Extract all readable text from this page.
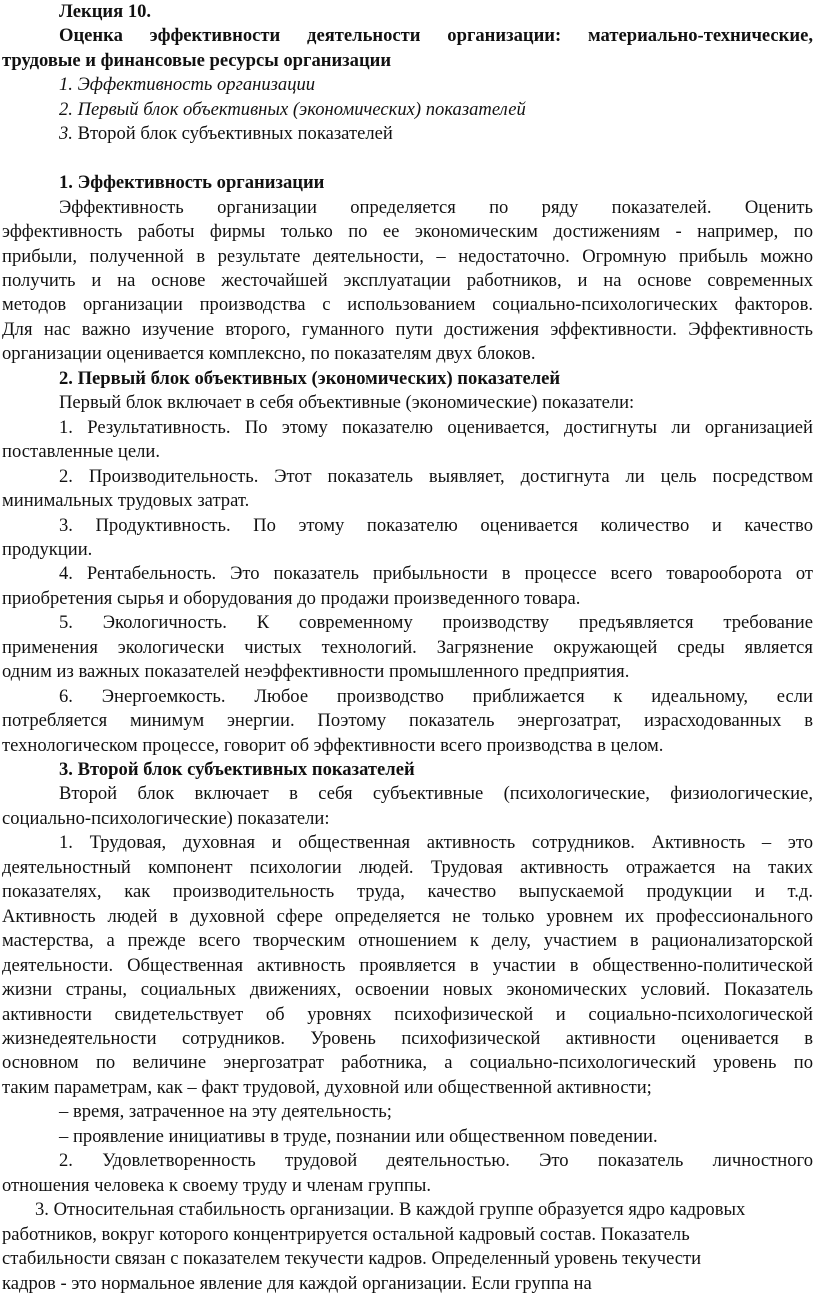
Лекция 10.

Оценка эффективности деятельности организации: материально-технические,

трудовые и финансовые ресурсы организации

1. Эффективность организации

2. Первый блок объективных (экономических) показателей

3. Второй блок субъективных показателей

1. Эффективность организации

Эффективность организации определяется по ряду показателей. Оценить

эффективность работы фирмы только по ее экономическим достижениям - например, по

прибыли, полученной в результате деятельности, – недостаточно. Огромную прибыль можно

получить и на основе жесточайшей эксплуатации работников, и на основе современных

методов организации производства с использованием социально-психологических факторов.

Для нас важно изучение второго, гуманного пути достижения эффективности. Эффективность

организации оценивается комплексно, по показателям двух блоков.

2. Первый блок объективных (экономических) показателей

Первый блок включает в себя объективные (экономические) показатели:

1. Результативность. По этому показателю оценивается, достигнуты ли организацией

поставленные цели.

2. Производительность. Этот показатель выявляет, достигнута ли цель посредством

минимальных трудовых затрат.

3. Продуктивность. По этому показателю оценивается количество и качество

продукции.

4. Рентабельность. Это показатель прибыльности в процессе всего товарооборота от

приобретения сырья и оборудования до продажи произведенного товара.

5. Экологичность. К современному производству предъявляется требование

применения экологически чистых технологий. Загрязнение окружающей среды является

одним из важных показателей неэффективности промышленного предприятия.

6. Энергоемкость. Любое производство приближается к идеальному, если

потребляется минимум энергии. Поэтому показатель энергозатрат, израсходованных в

технологическом процессе, говорит об эффективности всего производства в целом.

3. Второй блок субъективных показателей

Второй блок включает в себя субъективные (психологические, физиологические,

социально-психологические) показатели:

1. Трудовая, духовная и общественная активность сотрудников. Активность – это

деятельностный компонент психологии людей. Трудовая активность отражается на таких

показателях, как производительность труда, качество выпускаемой продукции и т.д.

Активность людей в духовной сфере определяется не только уровнем их профессионального

мастерства, а прежде всего творческим отношением к делу, участием в рационализаторской

деятельности. Общественная активность проявляется в участии в общественно-политической

жизни страны, социальных движениях, освоении новых экономических условий. Показатель

активности свидетельствует об уровнях психофизической и социально-психологической

жизнедеятельности сотрудников. Уровень психофизической активности оценивается в

основном по величине энергозатрат работника, а социально-психологический уровень по

таким параметрам, как – факт трудовой, духовной или общественной активности;

– время, затраченное на эту деятельность;

– проявление инициативы в труде, познании или общественном поведении.

2. Удовлетворенность трудовой деятельностью. Это показатель личностного

отношения человека к своему труду и членам группы.

3. Относительная стабильность организации. В каждой группе образуется ядро кадровых

работников, вокруг которого концентрируется остальной кадровый состав. Показатель

стабильности связан с показателем текучести кадров. Определенный уровень текучести

кадров - это нормальное явление для каждой организации. Если группа на
